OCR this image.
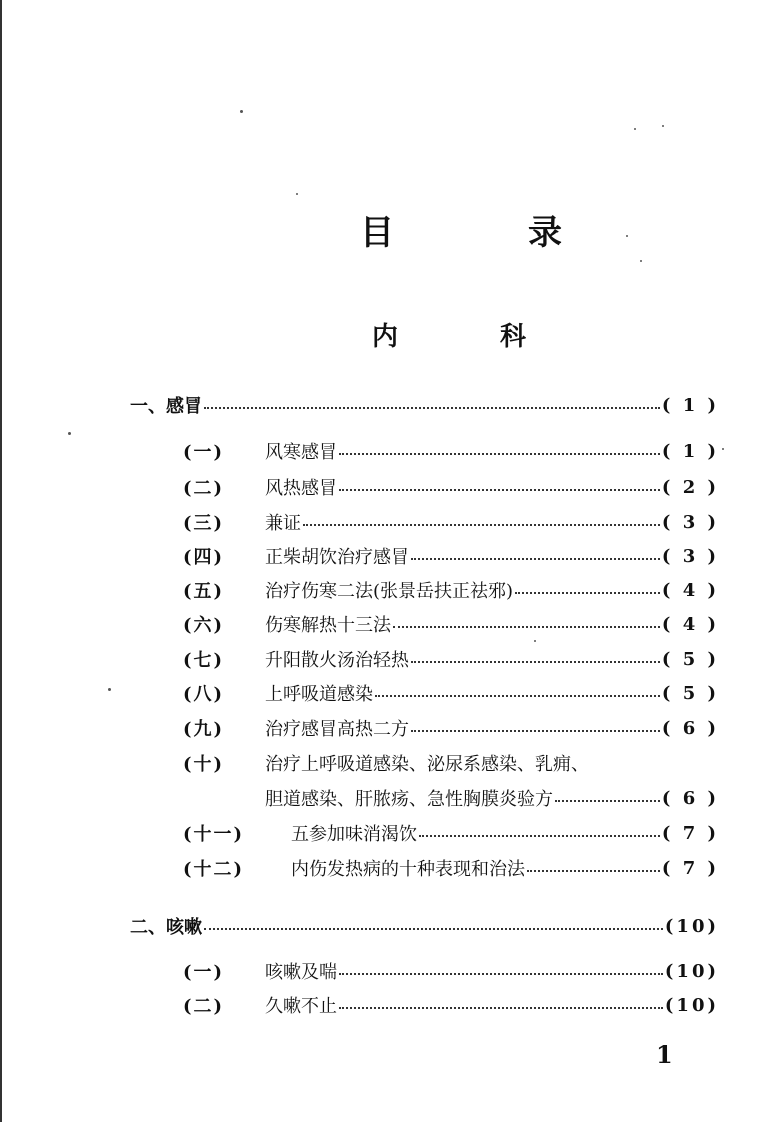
目　录
内　科
一、感冒	( 1 )
(一)	风寒感冒	( 1 )
(二)	风热感冒	( 2 )
(三)	兼证	( 3 )
(四)	正柴胡饮治疗感冒	( 3 )
(五)	治疗伤寒二法(张景岳扶正祛邪)	( 4 )
(六)	伤寒解热十三法	( 4 )
(七)	升阳散火汤治轻热	( 5 )
(八)	上呼吸道感染	( 5 )
(九)	治疗感冒高热二方	( 6 )
(十)	治疗上呼吸道感染、泌尿系感染、乳痈、
胆道感染、肝脓疡、急性胸膜炎验方	( 6 )
(十一)	五参加味消渴饮	( 7 )
(十二)	内伤发热病的十种表现和治法	( 7 )
二、咳嗽	(10)
(一)	咳嗽及喘	(10)
(二)	久嗽不止	(10)
1
